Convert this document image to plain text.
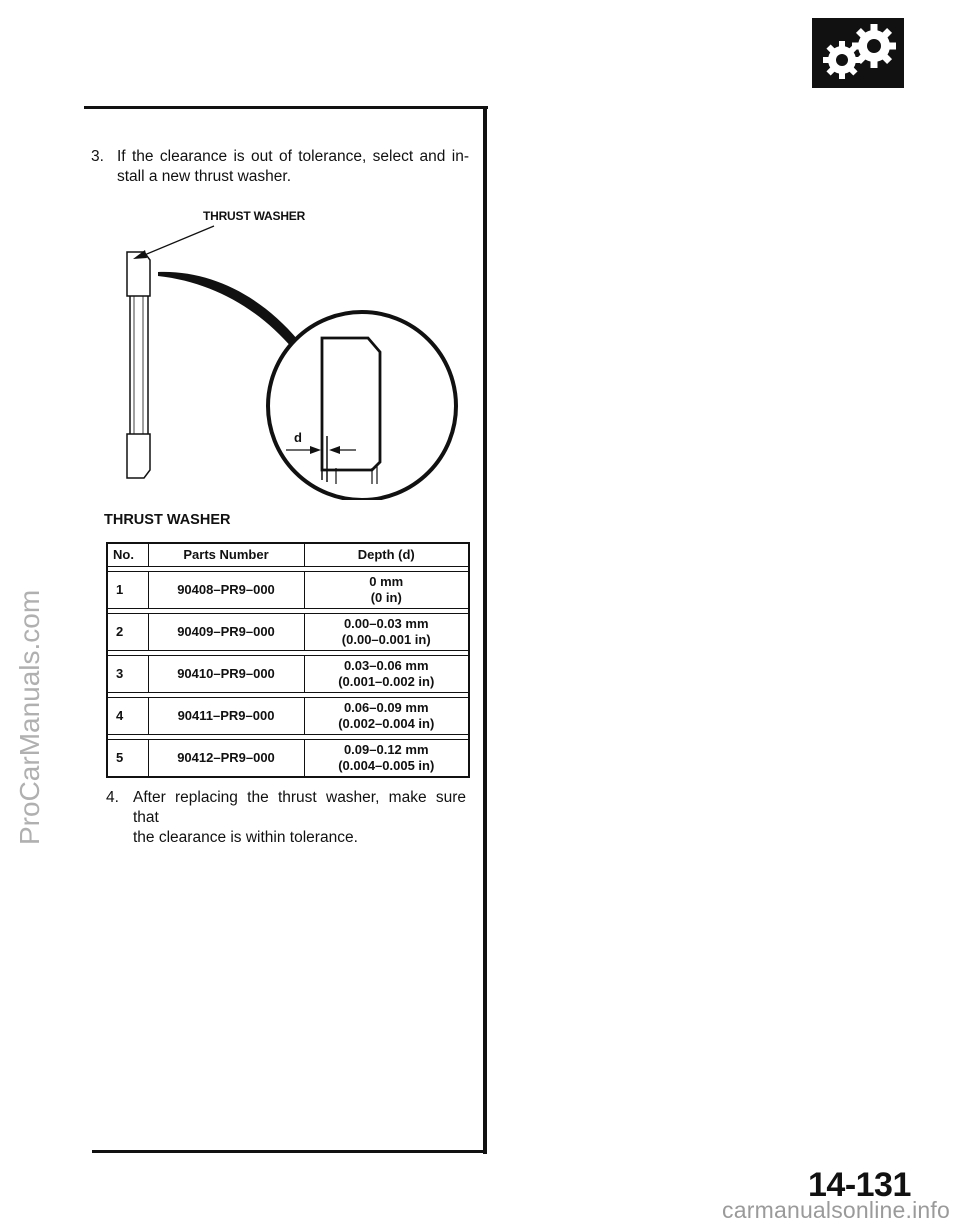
ProCarManuals.com
3. If the clearance is out of tolerance, select and in-
stall a new thrust washer.
THRUST WASHER
d
THRUST WASHER
No.	Parts Number	Depth (d)

1	90408–PR9–000	0 mm
(0 in)

2	90409–PR9–000	0.00–0.03 mm
(0.00–0.001 in)

3	90410–PR9–000	0.03–0.06 mm
(0.001–0.002 in)

4	90411–PR9–000	0.06–0.09 mm
(0.002–0.004 in)

5	90412–PR9–000	0.09–0.12 mm
(0.004–0.005 in)
4. After replacing the thrust washer, make sure that
the clearance is within tolerance.
14-131
carmanualsonline.info
